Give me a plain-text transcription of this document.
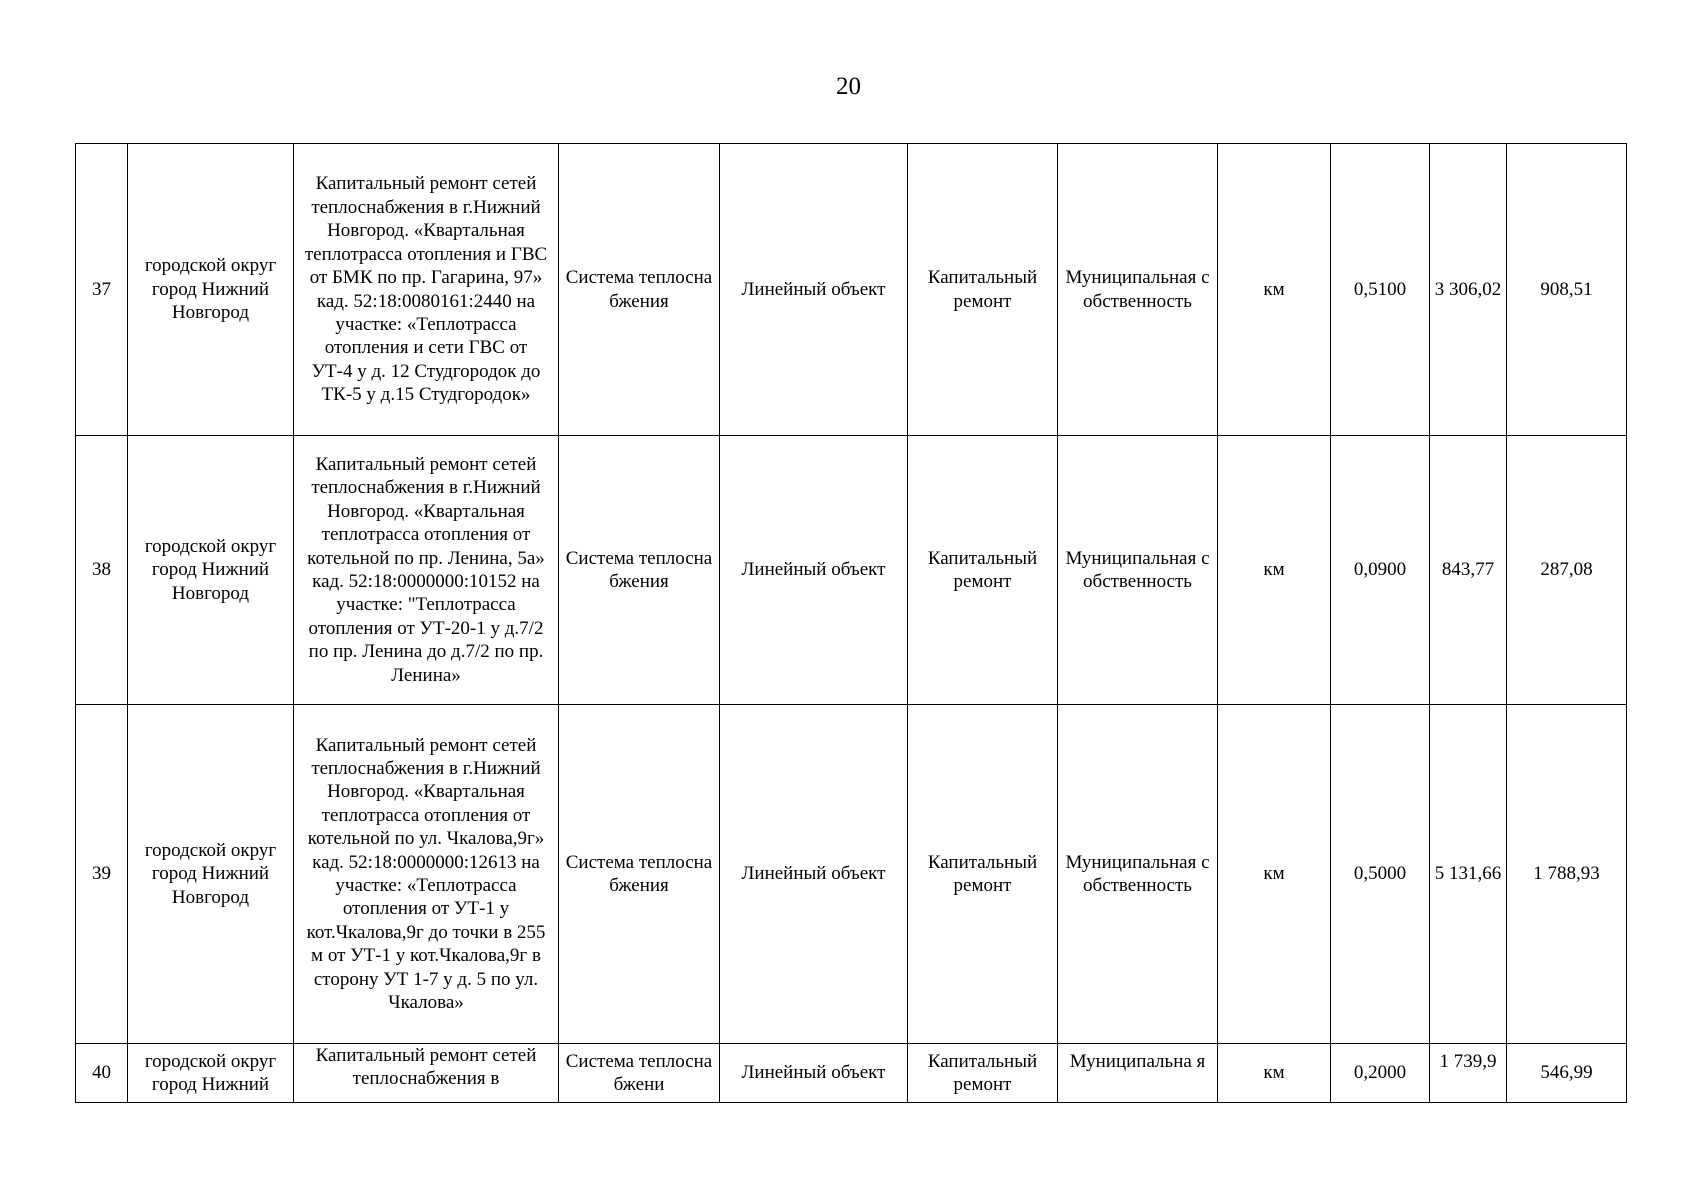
20
37	городской округ город Нижний Новгород	Капитальный ремонт сетей теплоснабжения в г.Нижний Новгород. «Квартальная теплотрасса отопления и ГВС от БМК по пр. Гагарина, 97» кад. 52:18:0080161:2440 на участке: «Теплотрасса отопления и сети ГВС от УТ-4 у д. 12 Студгородок до ТК-5 у д.15 Студгородок»	Система теплоснабжения	Линейный объект	Капитальный ремонт	Муниципальная собственность	км	0,5100	3 306,02	908,51
38	городской округ город Нижний Новгород	Капитальный ремонт сетей теплоснабжения в г.Нижний Новгород. «Квартальная теплотрасса отопления от котельной по пр. Ленина, 5а» кад. 52:18:0000000:10152 на участке: "Теплотрасса отопления от УТ-20-1 у д.7/2 по пр. Ленина до д.7/2 по пр. Ленина»	Система теплоснабжения	Линейный объект	Капитальный ремонт	Муниципальная собственность	км	0,0900	843,77	287,08
39	городской округ город Нижний Новгород	Капитальный ремонт сетей теплоснабжения в г.Нижний Новгород. «Квартальная теплотрасса отопления от котельной по ул. Чкалова,9г» кад. 52:18:0000000:12613 на участке: «Теплотрасса отопления от УТ-1 у кот.Чкалова,9г до точки в 255 м от УТ-1 у кот.Чкалова,9г в сторону УТ 1-7 у д. 5 по ул. Чкалова»	Система теплоснабжения	Линейный объект	Капитальный ремонт	Муниципальная собственность	км	0,5000	5 131,66	1 788,93
40	городской округ город Нижний	Капитальный ремонт сетей теплоснабжения в	Система теплоснабжени	Линейный объект	Капитальный ремонт	Муниципальна я	км	0,2000	1 739,9	546,99
